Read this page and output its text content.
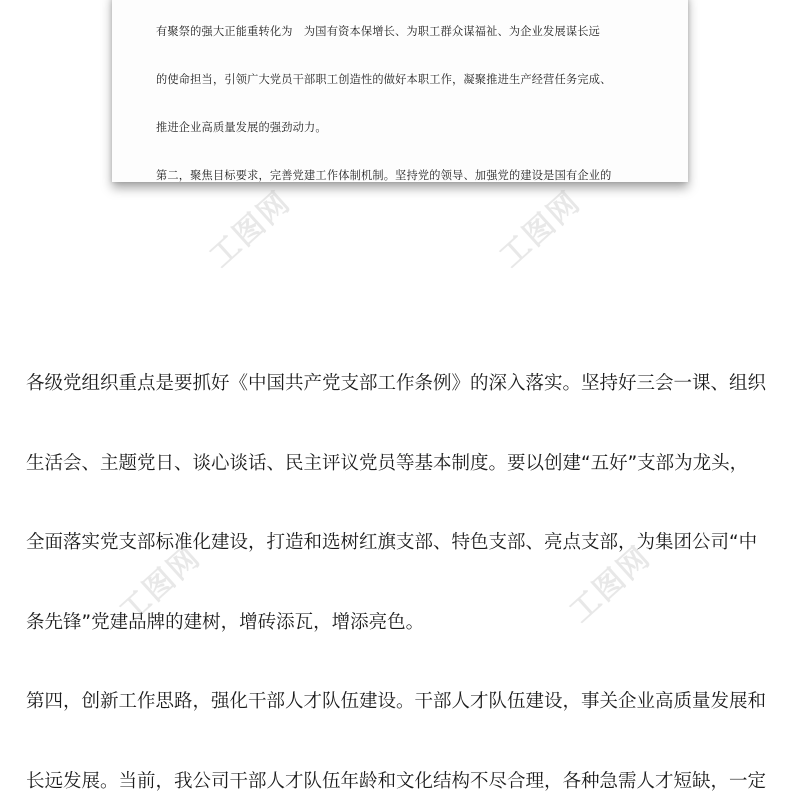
有聚祭的强大正能重转化为   为国有资本保增长、为职工群众谋福祉、为企业发展谋长远

的使命担当，引领广大党员干部职工创造性的做好本职工作，凝聚推进生产经营任务完成、

推进企业高质量发展的强劲动力。

第二，聚焦目标要求，完善党建工作体制机制。坚持党的领导、加强党的建设是国有企业的

工图网	工图网

各级党组织重点是要抓好《中国共产党支部工作条例》的深入落实。坚持好三会一课、组织

生活会、主题党日、谈心谈话、民主评议党员等基本制度。要以创建“五好”支部为龙头，

全面落实党支部标准化建设，打造和选树红旗支部、特色支部、亮点支部，为集团公司“中

条先锋”党建品牌的建树，增砖添瓦，增添亮色。

第四，创新工作思路，强化干部人才队伍建设。干部人才队伍建设，事关企业高质量发展和

长远发展。当前，我公司干部人才队伍年龄和文化结构不尽合理，各种急需人才短缺，一定

工图网	工图网
